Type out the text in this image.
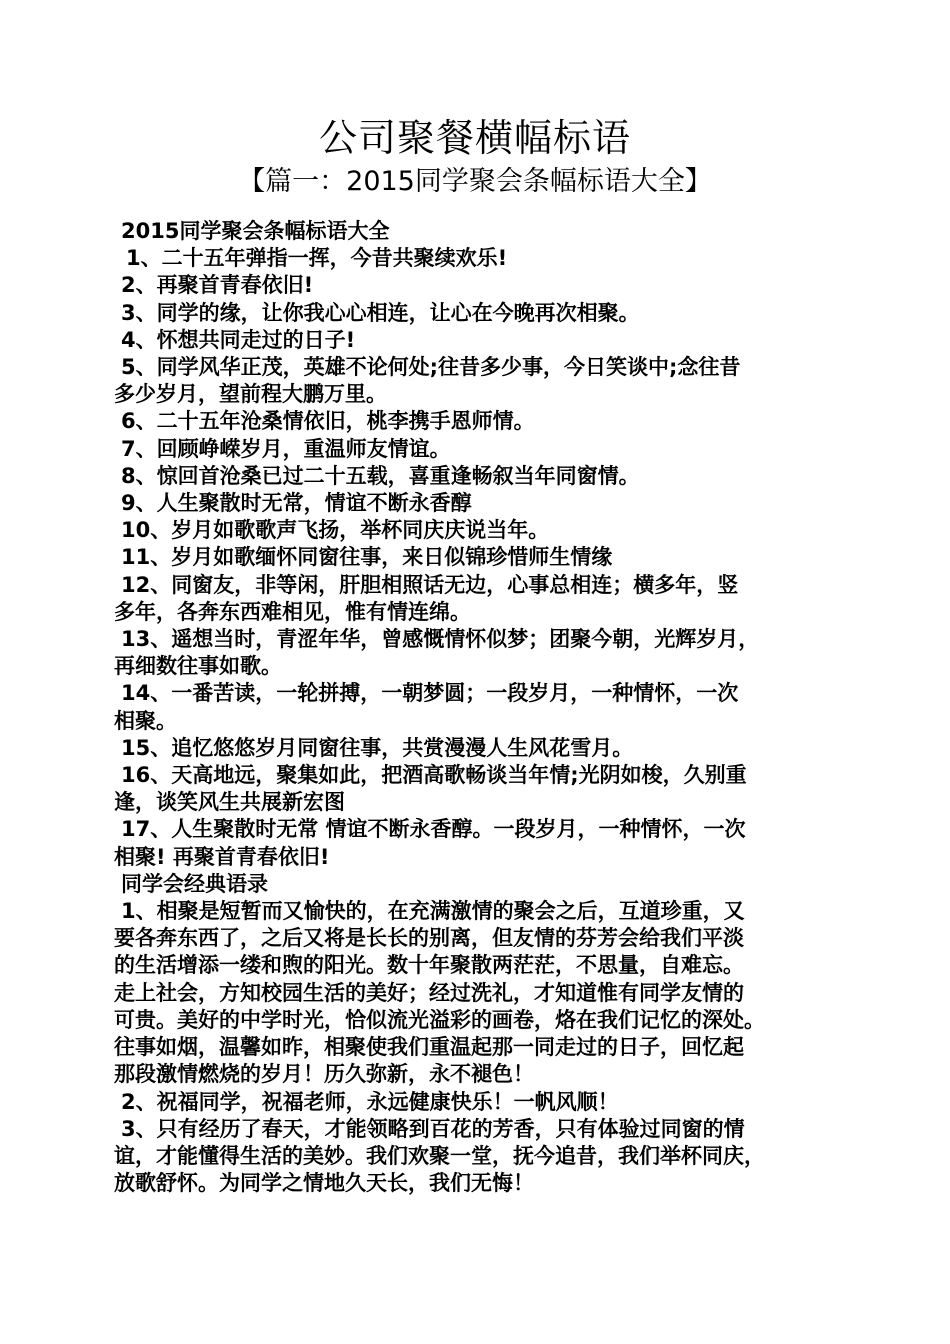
公司聚餐横幅标语
【篇一：2015同学聚会条幅标语大全】
2015同学聚会条幅标语大全
1、二十五年弹指一挥，今昔共聚续欢乐!
2、再聚首青春依旧!
3、同学的缘，让你我心心相连，让心在今晚再次相聚。
4、怀想共同走过的日子!
5、同学风华正茂，英雄不论何处;往昔多少事，今日笑谈中;念往昔
多少岁月，望前程大鹏万里。
6、二十五年沧桑情依旧，桃李携手恩师情。
7、回顾峥嵘岁月，重温师友情谊。
8、惊回首沧桑已过二十五载，喜重逢畅叙当年同窗情。
9、人生聚散时无常，情谊不断永香醇
10、岁月如歌歌声飞扬，举杯同庆庆说当年。
11、岁月如歌缅怀同窗往事，来日似锦珍惜师生情缘
12、同窗友，非等闲，肝胆相照话无边，心事总相连；横多年，竖
多年，各奔东西难相见，惟有情连绵。
13、遥想当时，青涩年华，曾感慨情怀似梦；团聚今朝，光辉岁月，
再细数往事如歌。
14、一番苦读，一轮拼搏，一朝梦圆；一段岁月，一种情怀，一次
相聚。
15、追忆悠悠岁月同窗往事，共赏漫漫人生风花雪月。
16、天高地远，聚集如此，把酒高歌畅谈当年情;光阴如梭，久别重
逢，谈笑风生共展新宏图
17、人生聚散时无常 情谊不断永香醇。一段岁月，一种情怀，一次
相聚! 再聚首青春依旧!
同学会经典语录
1、相聚是短暂而又愉快的，在充满激情的聚会之后，互道珍重，又
要各奔东西了，之后又将是长长的别离，但友情的芬芳会给我们平淡
的生活增添一缕和煦的阳光。数十年聚散两茫茫，不思量，自难忘。
走上社会，方知校园生活的美好；经过洗礼，才知道惟有同学友情的
可贵。美好的中学时光，恰似流光溢彩的画卷，烙在我们记忆的深处。
往事如烟，温馨如昨，相聚使我们重温起那一同走过的日子，回忆起
那段激情燃烧的岁月！历久弥新，永不褪色！
2、祝福同学，祝福老师，永远健康快乐！一帆风顺！
3、只有经历了春天，才能领略到百花的芳香，只有体验过同窗的情
谊，才能懂得生活的美妙。我们欢聚一堂，抚今追昔，我们举杯同庆，
放歌舒怀。为同学之情地久天长，我们无悔！
